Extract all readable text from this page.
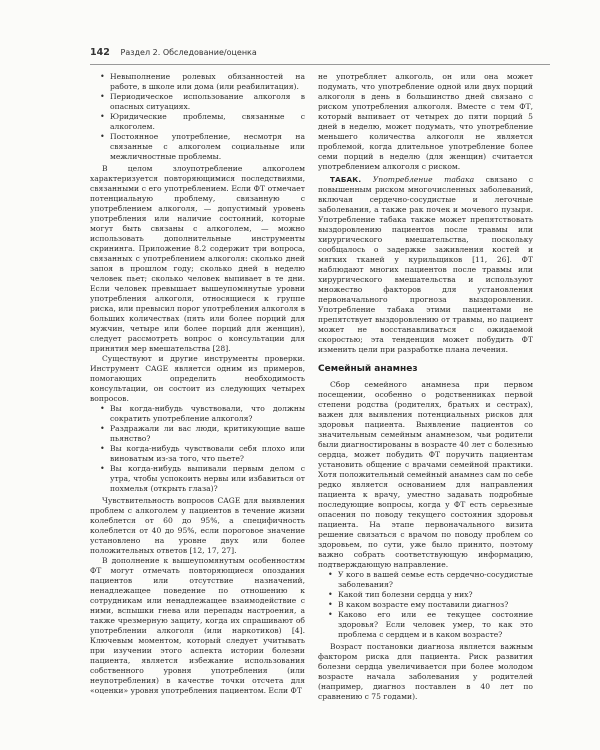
142 Раздел 2. Обследование/оценка
• Невыполнение ролевых обязанностей на работе, в школе или дома (или реабилитация).
• Периодическое использование алкоголя в опасных ситуациях.
• Юридические проблемы, связанные с алкоголем.
• Постоянное употребление, несмотря на связанные с алкоголем социальные или межличностные проблемы.

В целом злоупотребление алкоголем характеризуется повторяющимися последствиями, связанными с его употреблением. Если ФТ отмечает потенциальную проблему, связанную с употреблением алкоголя, — допустимый уровень употребления или наличие состояний, которые могут быть связаны с алкоголем, — можно использовать дополнительные инструменты скрининга. Приложение 8.2 содержит три вопроса, связанных с употреблением алкоголя: сколько дней запоя в прошлом году; сколько дней в неделю человек пьет; сколько человек выпивает в те дни. Если человек превышает вышеупомянутые уровни употребления алкоголя, относящиеся к группе риска, или превысил порог употребления алкоголя в больших количествах (пять или более порций для мужчин, четыре или более порций для женщин), следует рассмотреть вопрос о консультации для принятия мер вмешательства [28].

Существуют и другие инструменты проверки. Инструмент CAGE является одним из примеров, помогающих определить необходимость консультации, он состоит из следующих четырех вопросов.

• Вы когда-нибудь чувствовали, что должны сократить употребление алкоголя?
• Раздражали ли вас люди, критикующие ваше пьянство?
• Вы когда-нибудь чувствовали себя плохо или виноватым из-за того, что пьете?
• Вы когда-нибудь выпивали первым делом с утра, чтобы успокоить нервы или избавиться от похмелья (открыть глаза)?

Чувствительность вопросов CAGE для выявления проблем с алкоголем у пациентов в течение жизни колеблется от 60 до 95%, а специфичность колеблется от 40 до 95%, если пороговое значение установлено на уровне двух или более положительных ответов [12, 17, 27].

В дополнение к вышеупомянутым особенностям ФТ могут отмечать повторяющиеся опоздания пациентов или отсутствие назначений, ненадлежащее поведение по отношению к сотрудникам или ненадлежащее взаимодействие с ними, вспышки гнева или перепады настроения, а также чрезмерную защиту, когда их спрашивают об употреблении алкоголя (или наркотиков) [4]. Ключевым моментом, который следует учитывать при изучении этого аспекта истории болезни пациента, является избежание использования собственного уровня употребления (или неупотребления) в качестве точки отсчета для «оценки» уровня употребления пациентом. Если ФТ

не употребляет алкоголь, он или она может подумать, что употребление одной или двух порций алкоголя в день в большинство дней связано с риском употребления алкоголя. Вместе с тем ФТ, который выпивает от четырех до пяти порций 5 дней в неделю, может подумать, что употребление меньшего количества алкоголя не является проблемой, когда длительное употребление более семи порций в неделю (для женщин) считается употреблением алкоголя с риском.

ТАБАК. Употребление табака связано с повышенным риском многочисленных заболеваний, включая сердечно-сосудистые и легочные заболевания, а также рак почек и мочевого пузыря. Употребление табака также может препятствовать выздоровлению пациентов после травмы или хирургического вмешательства, поскольку сообщалось о задержке заживления костей и мягких тканей у курильщиков [11, 26]. ФТ наблюдают многих пациентов после травмы или хирургического вмешательства и используют множество факторов для установления первоначального прогноза выздоровления. Употребление табака этими пациентами не препятствует выздоровлению от травмы, но пациент может не восстанавливаться с ожидаемой скоростью; эта тенденция может побудить ФТ изменить цели при разработке плана лечения.

Семейный анамнез

Сбор семейного анамнеза при первом посещении, особенно о родственниках первой степени родства (родителях, братьях и сестрах), важен для выявления потенциальных рисков для здоровья пациента. Выявление пациентов со значительным семейным анамнезом, чьи родители были диагностированы в возрасте 40 лет с болезнью сердца, может побудить ФТ поручить пациентам установить общение с врачами семейной практики. Хотя положительный семейный анамнез сам по себе редко является основанием для направления пациента к врачу, уместно задавать подробные последующие вопросы, когда у ФТ есть серьезные опасения по поводу текущего состояния здоровья пациента. На этапе первоначального визита решение связаться с врачом по поводу проблем со здоровьем, по сути, уже было принято, поэтому важно собрать соответствующую информацию, подтверждающую направление.

• У кого в вашей семье есть сердечно-сосудистые заболевания?
• Какой тип болезни сердца у них?
• В каком возрасте ему поставили диагноз?
• Каково его или ее текущее состояние здоровья? Если человек умер, то как это проблема с сердцем и в каком возрасте?

Возраст постановки диагноза является важным фактором риска для пациента. Риск развития болезни сердца увеличивается при более молодом возрасте начала заболевания у родителей (например, диагноз поставлен в 40 лет по сравнению с 75 годами).
